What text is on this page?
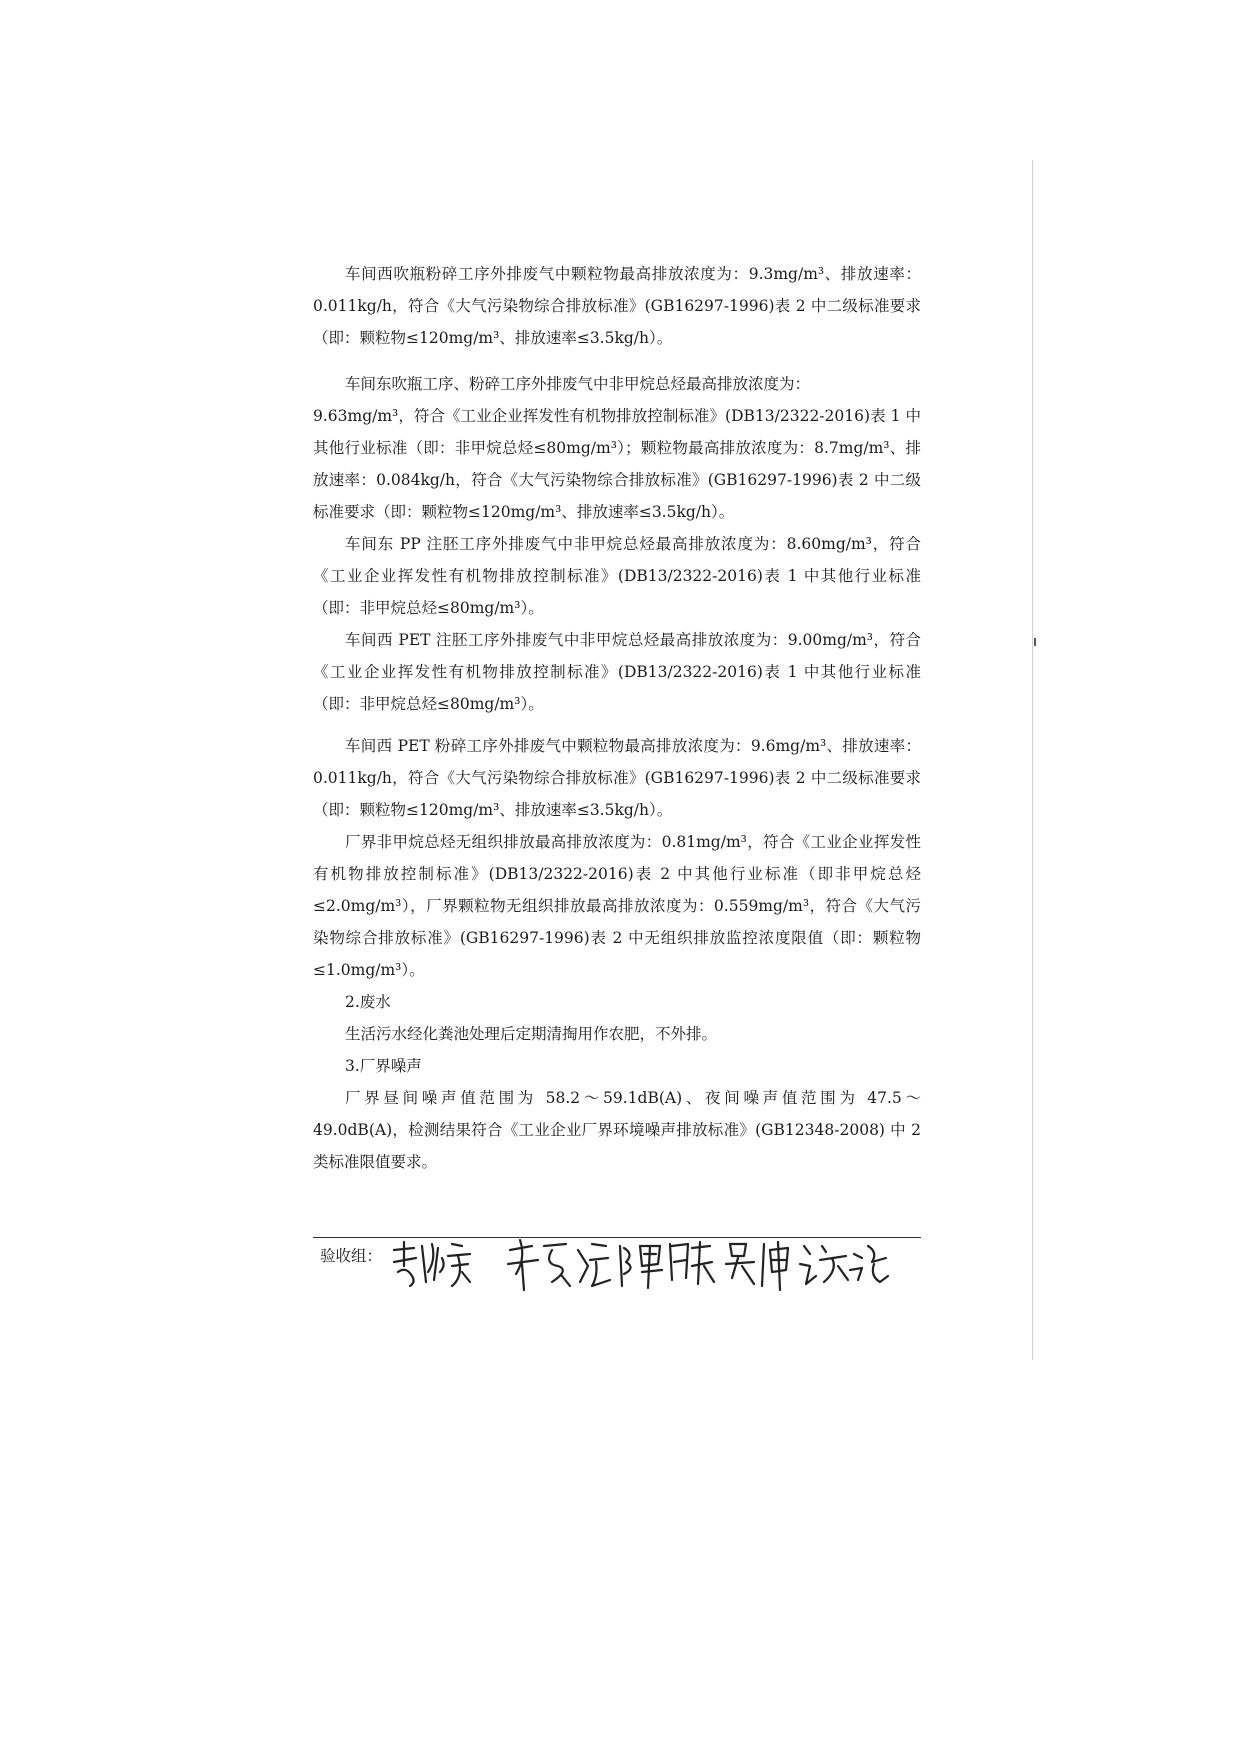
车间西吹瓶粉碎工序外排废气中颗粒物最高排放浓度为：9.3mg/m³、排放速率：0.011kg/h，符合《大气污染物综合排放标准》(GB16297-1996)表 2 中二级标准要求（即：颗粒物≤120mg/m³、排放速率≤3.5kg/h）。

车间东吹瓶工序、粉碎工序外排废气中非甲烷总烃最高排放浓度为：

9.63mg/m³，符合《工业企业挥发性有机物排放控制标准》(DB13/2322-2016)表 1 中其他行业标准（即：非甲烷总烃≤80mg/m³）；颗粒物最高排放浓度为：8.7mg/m³、排放速率：0.084kg/h，符合《大气污染物综合排放标准》(GB16297-1996)表 2 中二级标准要求（即：颗粒物≤120mg/m³、排放速率≤3.5kg/h）。

车间东 PP 注胚工序外排废气中非甲烷总烃最高排放浓度为：8.60mg/m³，符合《工业企业挥发性有机物排放控制标准》(DB13/2322-2016)表 1 中其他行业标准（即：非甲烷总烃≤80mg/m³）。

车间西 PET 注胚工序外排废气中非甲烷总烃最高排放浓度为：9.00mg/m³，符合《工业企业挥发性有机物排放控制标准》(DB13/2322-2016)表 1 中其他行业标准（即：非甲烷总烃≤80mg/m³）。

车间西 PET 粉碎工序外排废气中颗粒物最高排放浓度为：9.6mg/m³、排放速率：0.011kg/h，符合《大气污染物综合排放标准》(GB16297-1996)表 2 中二级标准要求（即：颗粒物≤120mg/m³、排放速率≤3.5kg/h）。

厂界非甲烷总烃无组织排放最高排放浓度为：0.81mg/m³，符合《工业企业挥发性有机物排放控制标准》(DB13/2322-2016)表 2 中其他行业标准（即非甲烷总烃≤2.0mg/m³），厂界颗粒物无组织排放最高排放浓度为：0.559mg/m³，符合《大气污染物综合排放标准》(GB16297-1996)表 2 中无组织排放监控浓度限值（即：颗粒物≤1.0mg/m³）。

2.废水

生活污水经化粪池处理后定期清掏用作农肥，不外排。

3.厂界噪声

厂界昼间噪声值范围为 58.2～59.1dB(A)、夜间噪声值范围为 47.5～49.0dB(A)，检测结果符合《工业企业厂界环境噪声排放标准》(GB12348-2008) 中 2 类标准限值要求。

验收组：
